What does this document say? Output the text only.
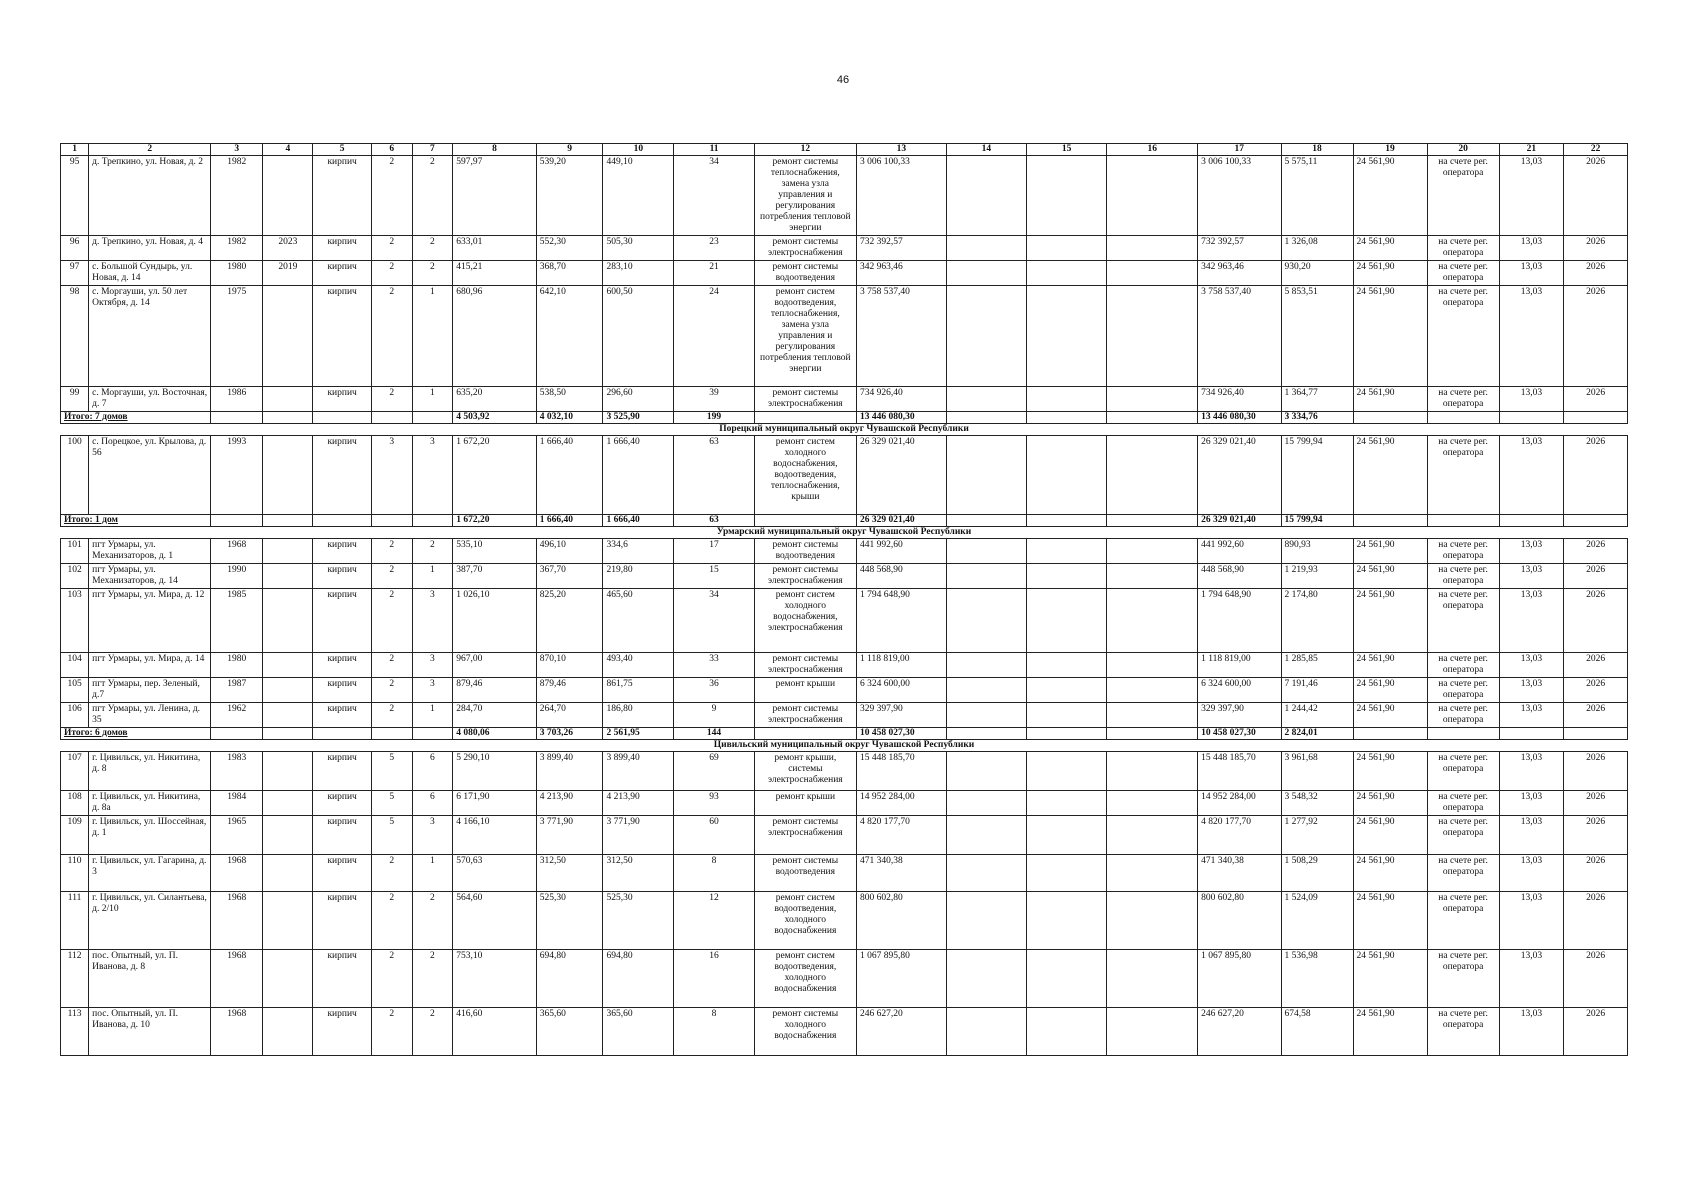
46
1	2	3	4	5	6	7	8	9	10	11	12	13	14	15	16	17	18	19	20	21	22
95	д. Трепкино, ул. Новая, д. 2	1982		кирпич	2	2	597,97	539,20	449,10	34	ремонт системы теплоснабжения, замена узла управления и регулирования потребления тепловой энергии	3 006 100,33				3 006 100,33	5 575,11	24 561,90	на счете рег. оператора	13,03	2026
96	д. Трепкино, ул. Новая, д. 4	1982	2023	кирпич	2	2	633,01	552,30	505,30	23	ремонт системы электроснабжения	732 392,57				732 392,57	1 326,08	24 561,90	на счете рег. оператора	13,03	2026
97	с. Большой Сундырь, ул. Новая, д. 14	1980	2019	кирпич	2	2	415,21	368,70	283,10	21	ремонт системы водоотведения	342 963,46				342 963,46	930,20	24 561,90	на счете рег. оператора	13,03	2026
98	с. Моргауши, ул. 50 лет Октября, д. 14	1975		кирпич	2	1	680,96	642,10	600,50	24	ремонт систем водоотведения, теплоснабжения, замена узла управления и регулирования потребления тепловой энергии	3 758 537,40				3 758 537,40	5 853,51	24 561,90	на счете рег. оператора	13,03	2026
99	с. Моргауши, ул. Восточная, д. 7	1986		кирпич	2	1	635,20	538,50	296,60	39	ремонт системы электроснабжения	734 926,40				734 926,40	1 364,77	24 561,90	на счете рег. оператора	13,03	2026
Итого: 7 домов							4 503,92	4 032,10	3 525,90	199		13 446 080,30				13 446 080,30	3 334,76				
Порецкий муниципальный округ Чувашской Республики																					
100	с. Порецкое, ул. Крылова, д. 56	1993		кирпич	3	3	1 672,20	1 666,40	1 666,40	63	ремонт систем холодного водоснабжения, водоотведения, теплоснабжения, крыши	26 329 021,40				26 329 021,40	15 799,94	24 561,90	на счете рег. оператора	13,03	2026
Итого: 1 дом							1 672,20	1 666,40	1 666,40	63		26 329 021,40				26 329 021,40	15 799,94				
Урмарский муниципальный округ Чувашской Республики																					
101	пгт Урмары, ул. Механизаторов, д. 1	1968		кирпич	2	2	535,10	496,10	334,6	17	ремонт системы водоотведения	441 992,60				441 992,60	890,93	24 561,90	на счете рег. оператора	13,03	2026
102	пгт Урмары, ул. Механизаторов, д. 14	1990		кирпич	2	1	387,70	367,70	219,80	15	ремонт системы электроснабжения	448 568,90				448 568,90	1 219,93	24 561,90	на счете рег. оператора	13,03	2026
103	пгт Урмары, ул. Мира, д. 12	1985		кирпич	2	3	1 026,10	825,20	465,60	34	ремонт систем холодного водоснабжения, электроснабжения	1 794 648,90				1 794 648,90	2 174,80	24 561,90	на счете рег. оператора	13,03	2026
104	пгт Урмары, ул. Мира, д. 14	1980		кирпич	2	3	967,00	870,10	493,40	33	ремонт системы электроснабжения	1 118 819,00				1 118 819,00	1 285,85	24 561,90	на счете рег. оператора	13,03	2026
105	пгт Урмары, пер. Зеленый, д.7	1987		кирпич	2	3	879,46	879,46	861,75	36	ремонт крыши	6 324 600,00				6 324 600,00	7 191,46	24 561,90	на счете рег. оператора	13,03	2026
106	пгт Урмары, ул. Ленина, д. 35	1962		кирпич	2	1	284,70	264,70	186,80	9	ремонт системы электроснабжения	329 397,90				329 397,90	1 244,42	24 561,90	на счете рег. оператора	13,03	2026
Итого: 6 домов							4 080,06	3 703,26	2 561,95	144		10 458 027,30				10 458 027,30	2 824,01				
Цивильский муниципальный округ Чувашской Республики																					
107	г. Цивильск, ул. Никитина, д. 8	1983		кирпич	5	6	5 290,10	3 899,40	3 899,40	69	ремонт крыши, системы электроснабжения	15 448 185,70				15 448 185,70	3 961,68	24 561,90	на счете рег. оператора	13,03	2026
108	г. Цивильск, ул. Никитина, д. 8а	1984		кирпич	5	6	6 171,90	4 213,90	4 213,90	93	ремонт крыши	14 952 284,00				14 952 284,00	3 548,32	24 561,90	на счете рег. оператора	13,03	2026
109	г. Цивильск, ул. Шоссейная, д. 1	1965		кирпич	5	3	4 166,10	3 771,90	3 771,90	60	ремонт системы электроснабжения	4 820 177,70				4 820 177,70	1 277,92	24 561,90	на счете рег. оператора	13,03	2026
110	г. Цивильск, ул. Гагарина, д. 3	1968		кирпич	2	1	570,63	312,50	312,50	8	ремонт системы водоотведения	471 340,38				471 340,38	1 508,29	24 561,90	на счете рег. оператора	13,03	2026
111	г. Цивильск, ул. Силантьева, д. 2/10	1968		кирпич	2	2	564,60	525,30	525,30	12	ремонт систем водоотведения, холодного водоснабжения	800 602,80				800 602,80	1 524,09	24 561,90	на счете рег. оператора	13,03	2026
112	пос. Опытный, ул. П. Иванова, д. 8	1968		кирпич	2	2	753,10	694,80	694,80	16	ремонт систем водоотведения, холодного водоснабжения	1 067 895,80				1 067 895,80	1 536,98	24 561,90	на счете рег. оператора	13,03	2026
113	пос. Опытный, ул. П. Иванова, д. 10	1968		кирпич	2	2	416,60	365,60	365,60	8	ремонт системы холодного водоснабжения	246 627,20				246 627,20	674,58	24 561,90	на счете рег. оператора	13,03	2026
